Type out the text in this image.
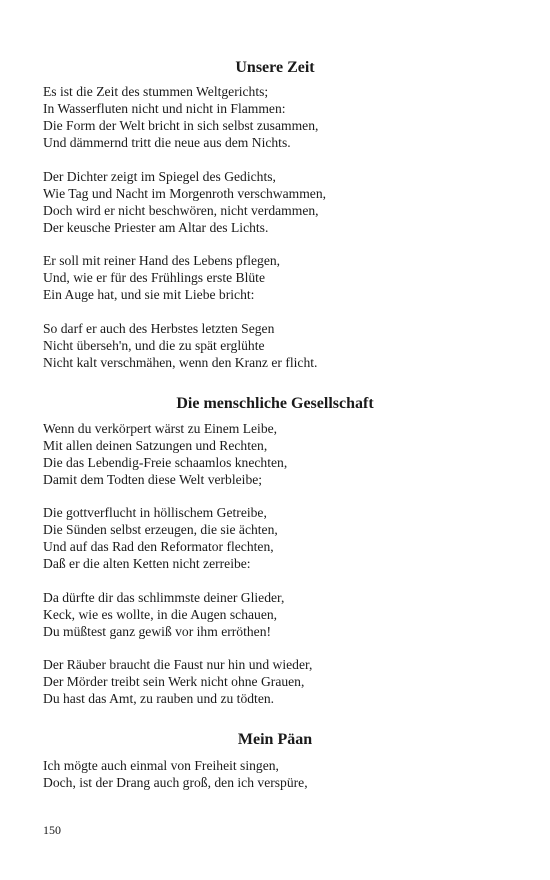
Unsere Zeit
Es ist die Zeit des stummen Weltgerichts;
In Wasserfluten nicht und nicht in Flammen:
Die Form der Welt bricht in sich selbst zusammen,
Und dämmernd tritt die neue aus dem Nichts.
Der Dichter zeigt im Spiegel des Gedichts,
Wie Tag und Nacht im Morgenroth verschwammen,
Doch wird er nicht beschwören, nicht verdammen,
Der keusche Priester am Altar des Lichts.
Er soll mit reiner Hand des Lebens pflegen,
Und, wie er für des Frühlings erste Blüte
Ein Auge hat, und sie mit Liebe bricht:
So darf er auch des Herbstes letzten Segen
Nicht überseh'n, und die zu spät erglühte
Nicht kalt verschmähen, wenn den Kranz er flicht.
Die menschliche Gesellschaft
Wenn du verkörpert wärst zu Einem Leibe,
Mit allen deinen Satzungen und Rechten,
Die das Lebendig-Freie schaamlos knechten,
Damit dem Todten diese Welt verbleibe;
Die gottverflucht in höllischem Getreibe,
Die Sünden selbst erzeugen, die sie ächten,
Und auf das Rad den Reformator flechten,
Daß er die alten Ketten nicht zerreibe:
Da dürfte dir das schlimmste deiner Glieder,
Keck, wie es wollte, in die Augen schauen,
Du müßtest ganz gewiß vor ihm erröthen!
Der Räuber braucht die Faust nur hin und wieder,
Der Mörder treibt sein Werk nicht ohne Grauen,
Du hast das Amt, zu rauben und zu tödten.
Mein Päan
Ich mögte auch einmal von Freiheit singen,
Doch, ist der Drang auch groß, den ich verspüre,
150
